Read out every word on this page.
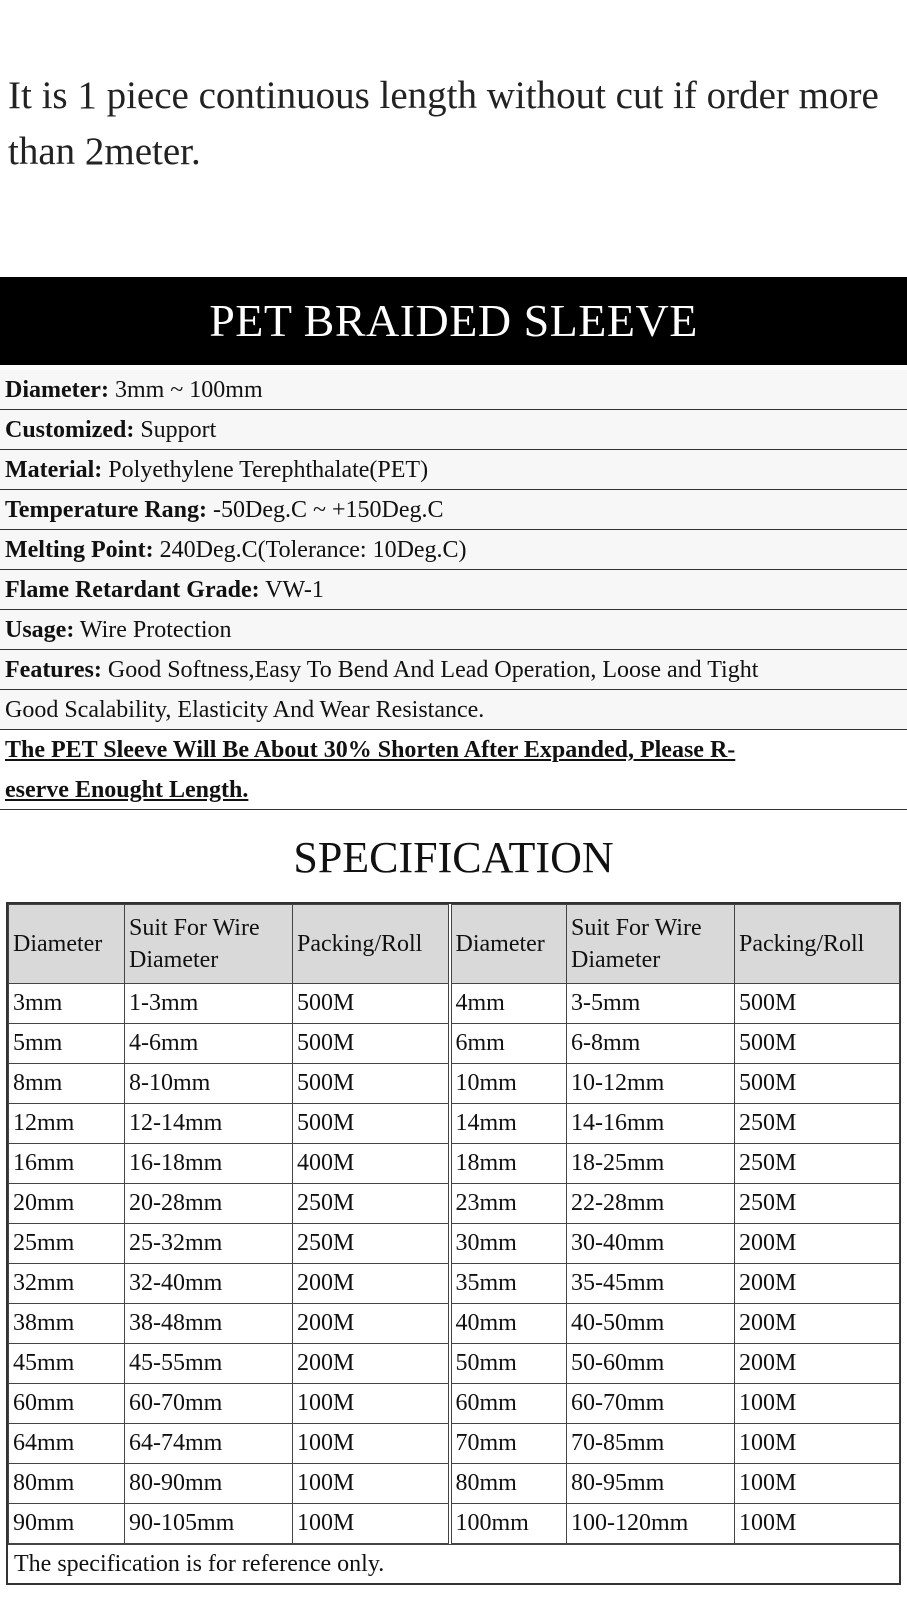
It is 1 piece continuous length without cut if order more than 2meter.
PET BRAIDED SLEEVE
Diameter: 3mm ~ 100mm
Customized: Support
Material: Polyethylene Terephthalate(PET)
Temperature Rang: -50Deg.C ~ +150Deg.C
Melting Point: 240Deg.C(Tolerance: 10Deg.C)
Flame Retardant Grade: VW-1
Usage: Wire Protection
Features: Good Softness,Easy To Bend And Lead Operation, Loose and Tight
Good Scalability, Elasticity And Wear Resistance.
The PET Sleeve Will Be About 30% Shorten After Expanded, Please R-
eserve Enought Length.
SPECIFICATION
Diameter	Suit For Wire Diameter	Packing/Roll	Diameter	Suit For Wire Diameter	Packing/Roll
3mm	1-3mm	500M	4mm	3-5mm	500M
5mm	4-6mm	500M	6mm	6-8mm	500M
8mm	8-10mm	500M	10mm	10-12mm	500M
12mm	12-14mm	500M	14mm	14-16mm	250M
16mm	16-18mm	400M	18mm	18-25mm	250M
20mm	20-28mm	250M	23mm	22-28mm	250M
25mm	25-32mm	250M	30mm	30-40mm	200M
32mm	32-40mm	200M	35mm	35-45mm	200M
38mm	38-48mm	200M	40mm	40-50mm	200M
45mm	45-55mm	200M	50mm	50-60mm	200M
60mm	60-70mm	100M	60mm	60-70mm	100M
64mm	64-74mm	100M	70mm	70-85mm	100M
80mm	80-90mm	100M	80mm	80-95mm	100M
90mm	90-105mm	100M	100mm	100-120mm	100M
The specification is for reference only.
